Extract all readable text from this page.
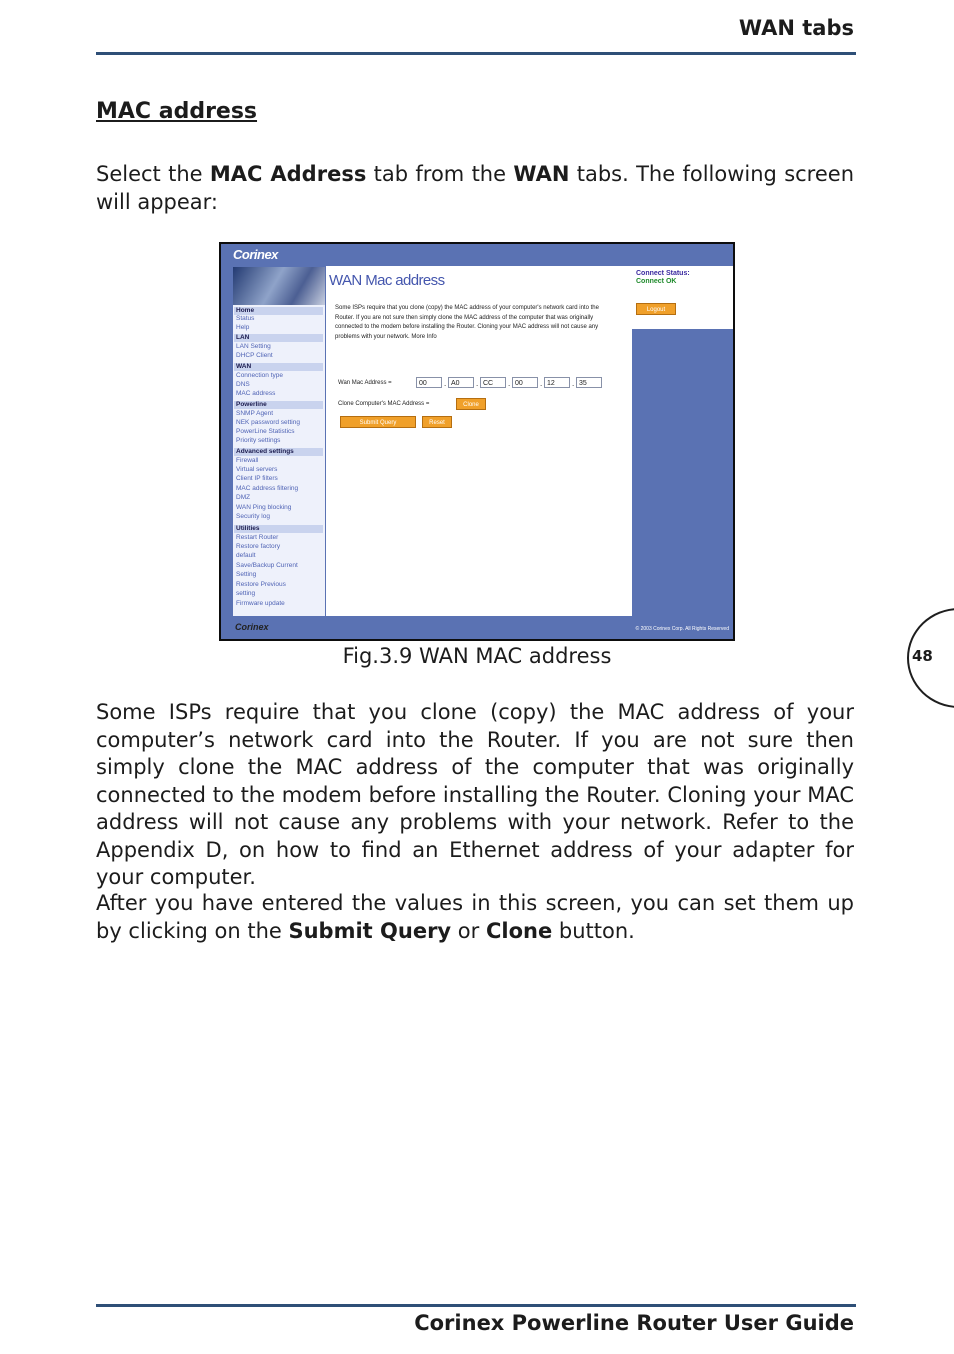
WAN tabs
MAC address
Select the MAC Address tab from the WAN tabs. The following screen will appear:
Corinex
Home
Status
Help
LAN
LAN Setting
DHCP Client
WAN
Connection type
DNS
MAC address
Powerline
SNMP Agent
NEK password setting
PowerLine Statistics
Priority settings
Advanced settings
Firewall
Virtual servers
Client IP filters
MAC address filtering
DMZ
WAN Ping blocking
Security log
Utilities
Restart Router
Restore factory
default
Save/Backup Current
Setting
Restore Previous
setting
Firmware update
WAN Mac address
Some ISPs require that you clone (copy) the MAC address of your computer's network card into the Router. If you are not sure then simply clone the MAC address of the computer that was originally connected to the modem before installing the Router. Cloning your MAC address will not cause any problems with your network. More Info
Wan Mac Address =	00	. A0	. CC	. 00	. 12	. 35
Clone Computer's MAC Address =	Clone
Submit Query	Reset
Connect Status:
Connect OK
Logout
Corinex	© 2003 Corinex Corp. All Rights Reserved
Fig.3.9 WAN MAC address	48
Some ISPs require that you clone (copy) the MAC address of your computer’s network card into the Router. If you are not sure then simply clone the MAC address of the computer that was originally connected to the modem before installing the Router. Cloning your MAC address will not cause any problems with your network. Refer to the Appendix D, on how to find an Ethernet address of your adapter for your computer.
After you have entered the values in this screen, you can set them up by clicking on the Submit Query or Clone button.
Corinex Powerline Router User Guide
